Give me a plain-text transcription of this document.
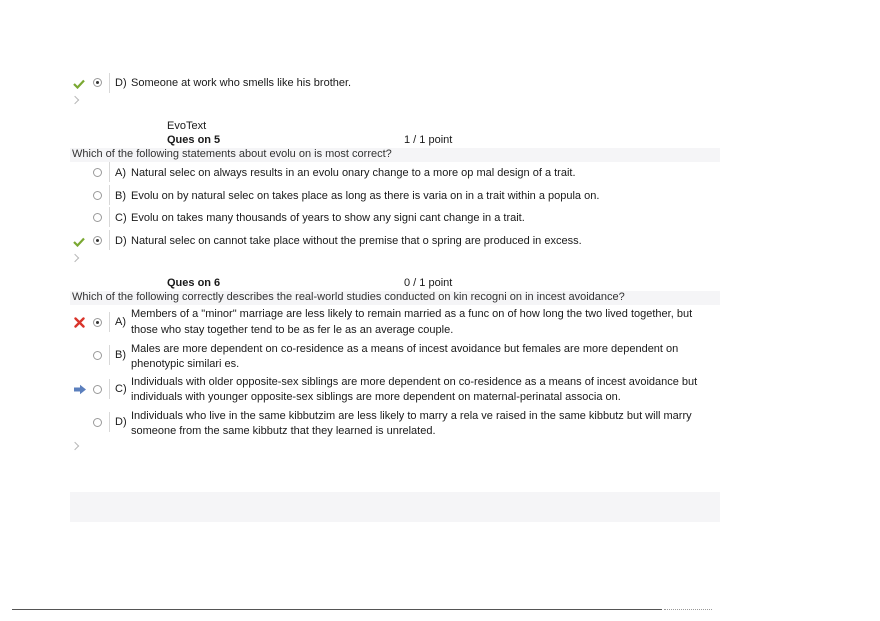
D) Someone at work who smells like his brother.
EvoText
Ques on 5	1 / 1 point
Which of the following statements about evolu on is most correct?
A) Natural selec on always results in an evolu onary change to a more op mal design of a trait.
B) Evolu on by natural selec on takes place as long as there is varia on in a trait within a popula on.
C) Evolu on takes many thousands of years to show any signi cant change in a trait.
D) Natural selec on cannot take place without the premise that o spring are produced in excess.
Ques on 6	0 / 1 point
Which of the following correctly describes the real-world studies conducted on kin recogni on in incest avoidance?
A)
Members of a "minor" marriage are less likely to remain married as a func on of how long the two lived together, but
those who stay together tend to be as fer le as an average couple.
B) Males are more dependent on co-residence as a means of incest avoidance but females are more dependent on
phenotypic similari es.
C)
Individuals with older opposite-sex siblings are more dependent on co-residence as a means of incest avoidance but
individuals with younger opposite-sex siblings are more dependent on maternal-perinatal associa on.
D) Individuals who live in the same kibbutzim are less likely to marry a rela ve raised in the same kibbutz but will marry
someone from the same kibbutz that they learned is unrelated.
